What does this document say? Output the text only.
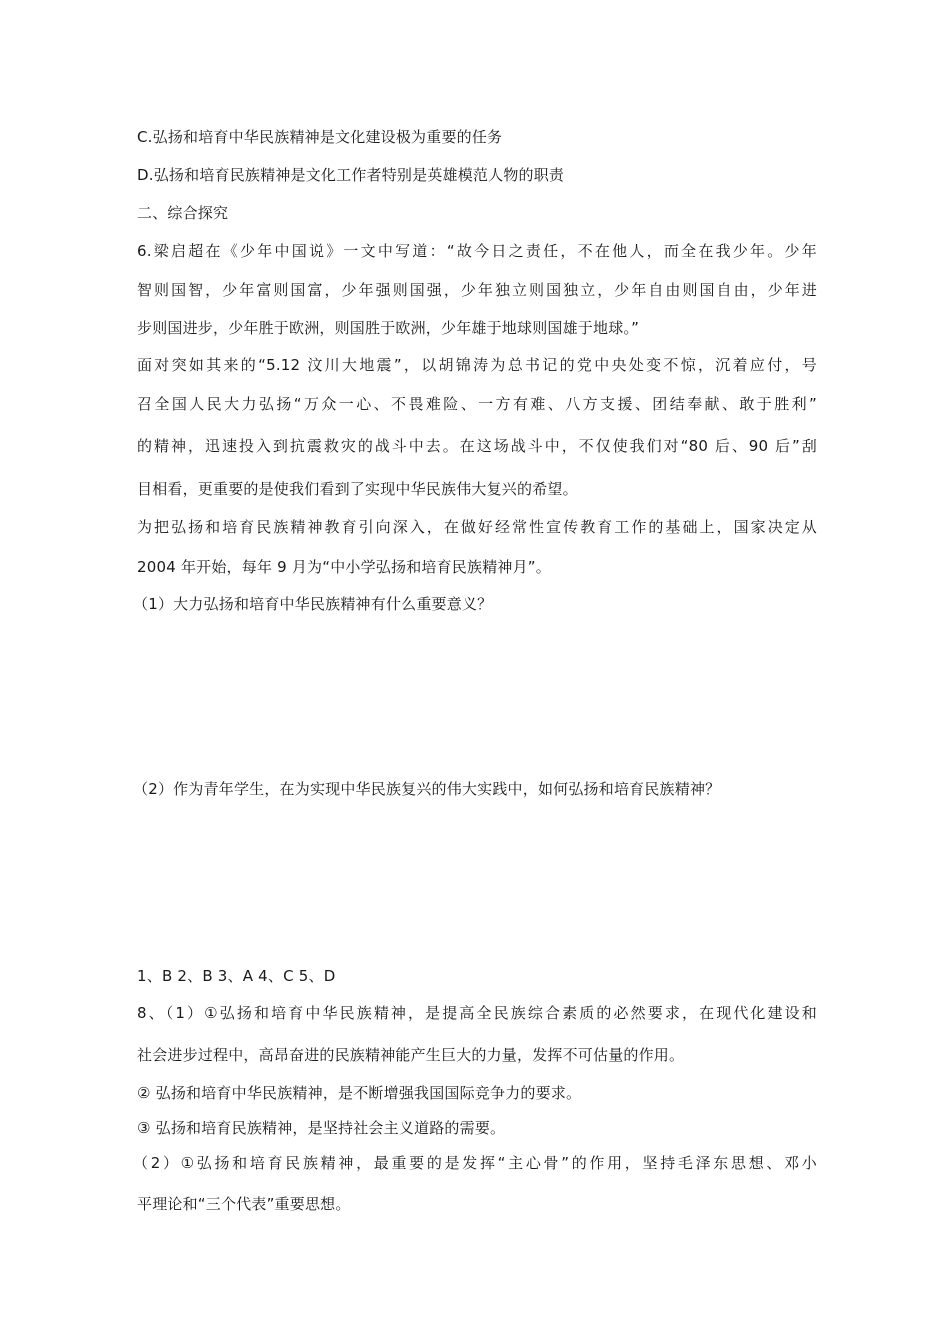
C.弘扬和培育中华民族精神是文化建设极为重要的任务
D.弘扬和培育民族精神是文化工作者特别是英雄模范人物的职责
二、综合探究
6.梁启超在《少年中国说》一文中写道：“故今日之责任，不在他人，而全在我少年。少年
智则国智，少年富则国富，少年强则国强，少年独立则国独立，少年自由则国自由，少年进
步则国进步，少年胜于欧洲，则国胜于欧洲，少年雄于地球则国雄于地球。”
面对突如其来的“5.12 汶川大地震”，以胡锦涛为总书记的党中央处变不惊，沉着应付，号
召全国人民大力弘扬“万众一心、不畏难险、一方有难、八方支援、团结奉献、敢于胜利”
的精神，迅速投入到抗震救灾的战斗中去。在这场战斗中，不仅使我们对“80 后、90 后”刮
目相看，更重要的是使我们看到了实现中华民族伟大复兴的希望。
为把弘扬和培育民族精神教育引向深入，在做好经常性宣传教育工作的基础上，国家决定从
2004 年开始，每年 9 月为“中小学弘扬和培育民族精神月”。
（1）大力弘扬和培育中华民族精神有什么重要意义？
（2）作为青年学生，在为实现中华民族复兴的伟大实践中，如何弘扬和培育民族精神？
1、B 2、B 3、A 4、C 5、D
8、（1）①弘扬和培育中华民族精神，是提高全民族综合素质的必然要求，在现代化建设和
社会进步过程中，高昂奋进的民族精神能产生巨大的力量，发挥不可估量的作用。
② 弘扬和培育中华民族精神，是不断增强我国国际竞争力的要求。
③ 弘扬和培育民族精神，是坚持社会主义道路的需要。
（2）①弘扬和培育民族精神，最重要的是发挥“主心骨”的作用，坚持毛泽东思想、邓小
平理论和“三个代表”重要思想。
